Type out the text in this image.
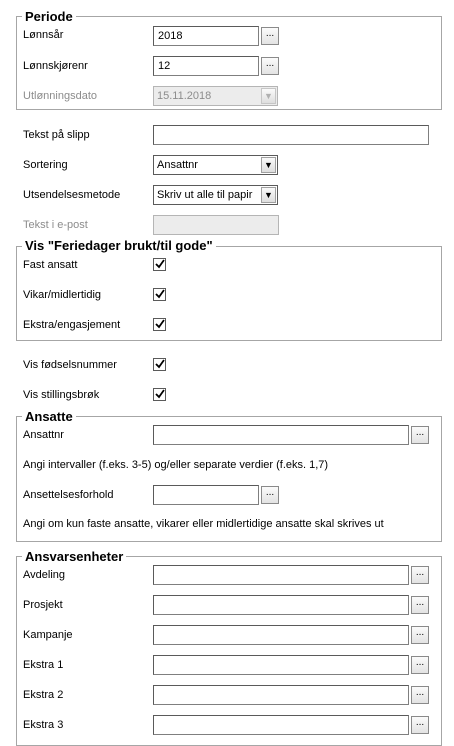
Periode
Lønnsår	2018	...
Lønnskjørenr	12	...
Utlønningsdato	15.11.2018	▼
Tekst på slipp
Sortering	Ansattnr	▼
Utsendelsesmetode	Skriv ut alle til papir	▼
Tekst i e-post
Vis "Feriedager brukt/til gode"
Fast ansatt
Vikar/midlertidig
Ekstra/engasjement
Vis fødselsnummer
Vis stillingsbrøk
Ansatte
Ansattnr	...
Angi intervaller (f.eks. 3-5) og/eller separate verdier (f.eks. 1,7)
Ansettelsesforhold	...
Angi om kun faste ansatte, vikarer eller midlertidige ansatte skal skrives ut
Ansvarsenheter
Avdeling	...
Prosjekt	...
Kampanje	...
Ekstra 1	...
Ekstra 2	...
Ekstra 3	...
